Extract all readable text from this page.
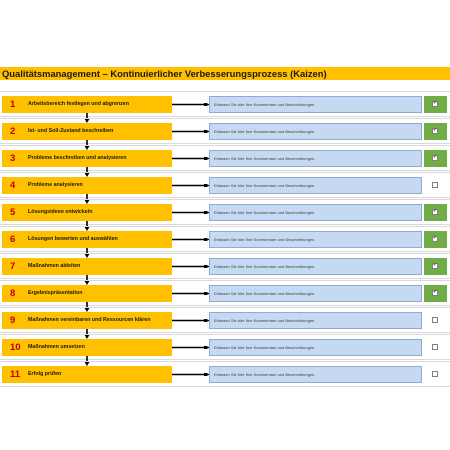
Qualitätsmanagement – Kontinuierlicher Verbesserungsprozess (Kaizen)
1 Arbeitsbereich festlegen und abgrenzen	Erfassen Sie hier Ihre Kommentare und Beschreibungen.	✔
2 Ist- und Soll-Zustand beschreiben	Erfassen Sie hier Ihre Kommentare und Beschreibungen.	✔
3 Probleme beschreiben und analysieren	Erfassen Sie hier Ihre Kommentare und Beschreibungen.	✔
4 Probleme analysieren	Erfassen Sie hier Ihre Kommentare und Beschreibungen.
5 Lösungsideen entwickeln	Erfassen Sie hier Ihre Kommentare und Beschreibungen.	✔
6 Lösungen bewerten und auswählen	Erfassen Sie hier Ihre Kommentare und Beschreibungen.	✔
7 Maßnahmen ableiten	Erfassen Sie hier Ihre Kommentare und Beschreibungen.	✔
8 Ergebnispräsentation	Erfassen Sie hier Ihre Kommentare und Beschreibungen.	✔
9 Maßnahmen vereinbaren und Ressourcen klären	Erfassen Sie hier Ihre Kommentare und Beschreibungen.
10 Maßnahmen umsetzen	Erfassen Sie hier Ihre Kommentare und Beschreibungen.
11 Erfolg prüfen	Erfassen Sie hier Ihre Kommentare und Beschreibungen.
